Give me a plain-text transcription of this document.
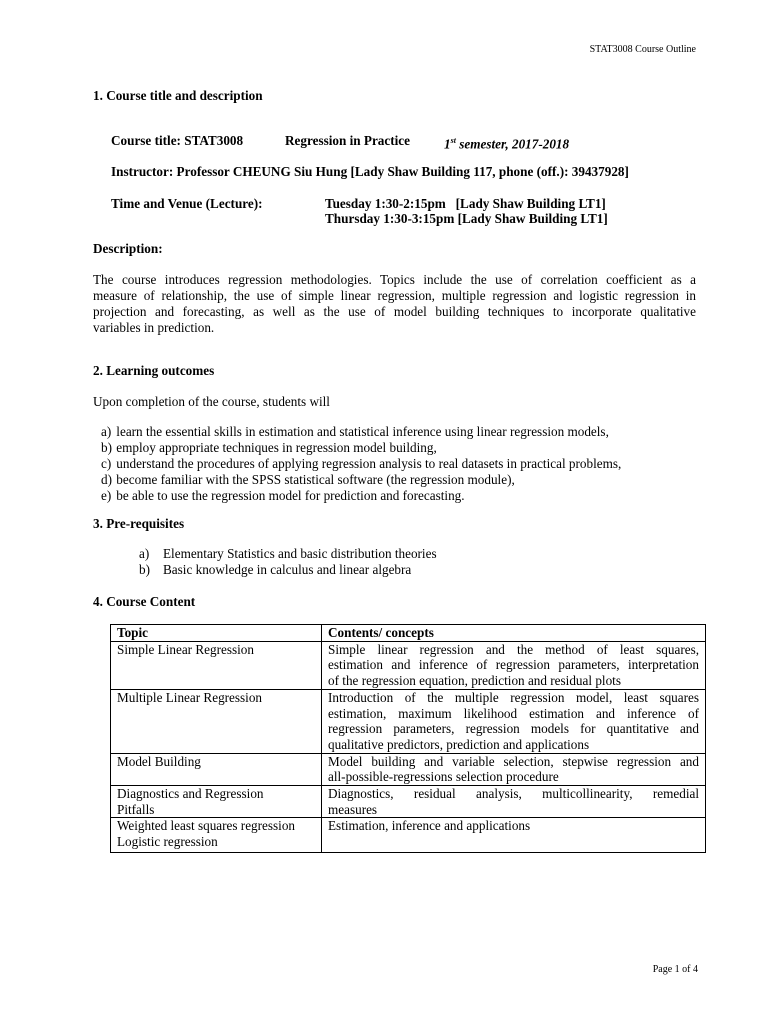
STAT3008 Course Outline
1. Course title and description
Course title: STAT3008	Regression in Practice	1st semester, 2017-2018
Instructor: Professor CHEUNG Siu Hung [Lady Shaw Building 117, phone (off.): 39437928]
Time and Venue (Lecture):	Tuesday 1:30-2:15pm   [Lady Shaw Building LT1]
Thursday 1:30-3:15pm [Lady Shaw Building LT1]
Description:
The course introduces regression methodologies. Topics include the use of correlation coefficient as a
measure of relationship, the use of simple linear regression, multiple regression and logistic regression in
projection and forecasting, as well as the use of model building techniques to incorporate qualitative
variables in prediction.
2. Learning outcomes
Upon completion of the course, students will
a) learn the essential skills in estimation and statistical inference using linear regression models,
b) employ appropriate techniques in regression model building,
c) understand the procedures of applying regression analysis to real datasets in practical problems,
d) become familiar with the SPSS statistical software (the regression module),
e) be able to use the regression model for prediction and forecasting.
3. Pre-requisites
a) Elementary Statistics and basic distribution theories
b) Basic knowledge in calculus and linear algebra
4. Course Content
Topic	Contents/ concepts

Simple Linear Regression	Simple linear regression and the method of least squares,
estimation and inference of regression parameters, interpretation
of the regression equation, prediction and residual plots

Multiple Linear Regression	Introduction of the multiple regression model, least squares
estimation, maximum likelihood estimation and inference of
regression parameters, regression models for quantitative and
qualitative predictors, prediction and applications

Model Building	Model building and variable selection, stepwise regression and
all-possible-regressions selection procedure

Diagnostics and Regression
Pitfalls	Diagnostics, residual analysis, multicollinearity, remedial
measures

Weighted least squares regression
Logistic regression	Estimation, inference and applications
Page 1 of 4
